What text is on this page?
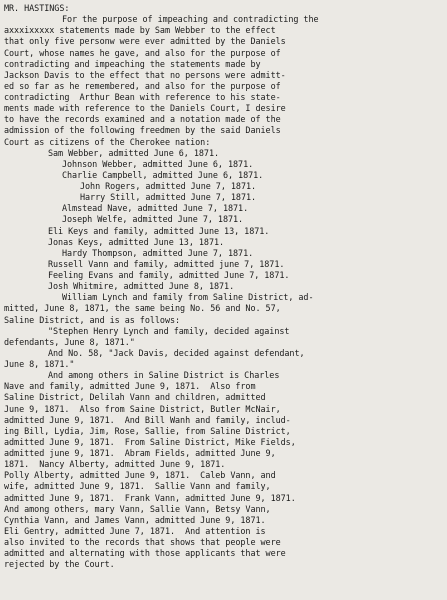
MR. HASTINGS:
For the purpose of impeaching and contradicting the
axxxixxxxx statements made by Sam Webber to the effect
that only five personw were ever admitted by the Daniels
Court, whose names he gave, and also for the purpose of
contradicting and impeaching the statements made by
Jackson Davis to the effect that no persons were admitt-
ed so far as he remembered, and also for the purpose of
contradicting  Arthur Bean with reference to his state-
ments made with reference to the Daniels Court, I desire
to have the records examined and a notation made of the
admission of the following freedmen by the said Daniels
Court as citizens of the Cherokee nation:
Sam Webber, admitted June 6, 1871.
Johnson Webber, admitted June 6, 1871.
Charlie Campbell, admitted June 6, 1871.
John Rogers, admitted June 7, 1871.
Harry Still, admitted June 7, 1871.
Almstead Nave, admitted June 7, 1871.
Joseph Welfe, admitted June 7, 1871.
Eli Keys and family, admitted June 13, 1871.
Jonas Keys, admitted June 13, 1871.
Hardy Thompson, admitted June 7, 1871.
Russell Vann and family, admitted june 7, 1871.
Feeling Evans and family, admitted June 7, 1871.
Josh Whitmire, admitted June 8, 1871.
William Lynch and family from Saline District, ad-
mitted, June 8, 1871, the same being No. 56 and No. 57,
Saline District, and is as follows:
"Stephen Henry Lynch and family, decided against
defendants, June 8, 1871."
And No. 58, "Jack Davis, decided against defendant,
June 8, 1871."
And among others in Saline District is Charles
Nave and family, admitted June 9, 1871.  Also from
Saline District, Delilah Vann and children, admitted
June 9, 1871.  Also from Saine District, Butler McNair,
admitted June 9, 1871.  And Bill Wanh and family, includ-
ing Bill, Lydia, Jim, Rose, Sallie, from Saline District,
admitted June 9, 1871.  From Saline District, Mike Fields,
admitted june 9, 1871.  Abram Fields, admitted June 9,
1871.  Nancy Alberty, admitted June 9, 1871.
Polly Alberty, admitted June 9, 1871.  Caleb Vann, and
wife, admitted June 9, 1871.  Sallie Vann and family,
admitted June 9, 1871.  Frank Vann, admitted June 9, 1871.
And among others, mary Vann, Sallie Vann, Betsy Vann,
Cynthia Vann, and James Vann, admitted June 9, 1871.
Eli Gentry, admitted June 7, 1871.  And attention is
also invited to the records that shows that people were
admitted and alternating with those applicants that were
rejected by the Court.
